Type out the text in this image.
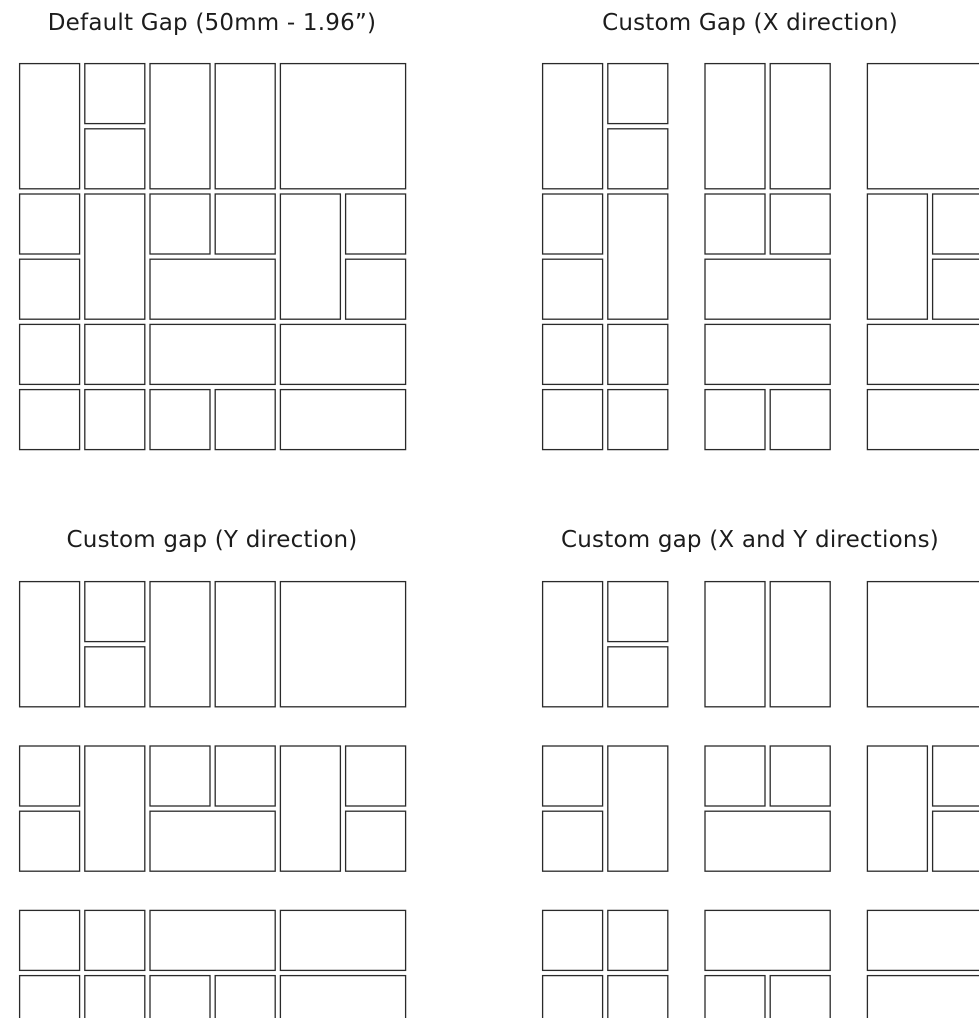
Default Gap (50mm - 1.96”)	Custom Gap (X direction)
Custom gap (Y direction)	Custom gap (X and Y directions)
